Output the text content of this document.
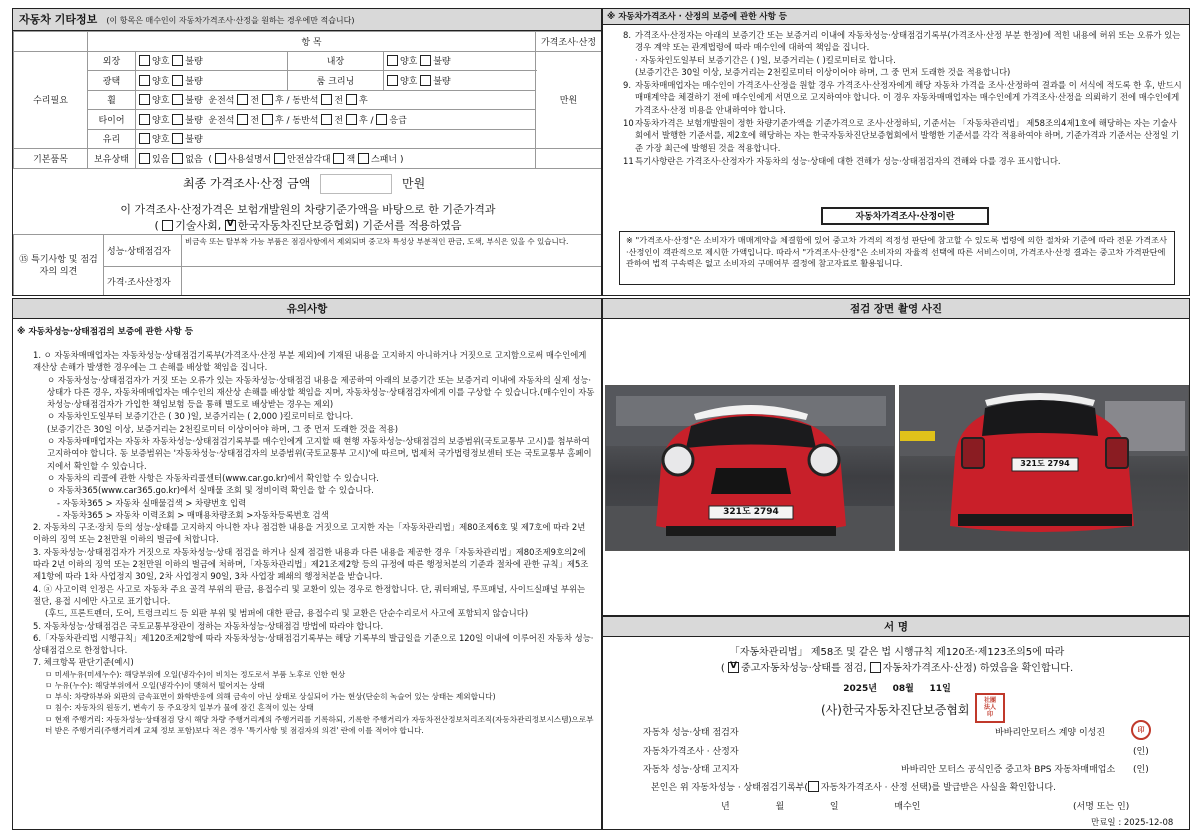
자동차 기타정보 (이 항목은 매수인이 자동차가격조사·산정을 원하는 경우에만 적습니다)
	항 목				가격조사·산정
수리필요	외장	양호 불량	내장	양호 불량	만원
	광택	양호 불량	룸 크리닝	양호 불량	
	휠	양호 불량 운전석 전 후 / 동반석 전 후			
	타이어	양호 불량 운전석 전 후 / 동반석 전 후 / 응급			
	유리	양호 불량			
기본품목	보유상태	있음 없음  ( 사용설명서 안전삼각대 잭 스패너 )			
최종 가격조사·산정 금액	만원
이 가격조사·산정가격은 보험개발원의 차량기준가액을 바탕으로 한 기준가격과
( 기술사회, V 한국자동차진단보증협회) 기준서를 적용하였음
⑮ 특기사항 및 점검자의 의견	성능·상태점검자	비금속 또는 탈부착 가능 부품은 점검사항에서 제외되며 중고차 특성상 부분적인 판금, 도색, 부식은 있을 수 있습니다.
	가격·조사산정자	
※ 자동차가격조사 · 산정의 보증에 관한 사항 등
8. 가격조사·산정자는 아래의 보증기간 또는 보증거리 이내에 자동차성능·상태점검기록부(가격조사·산정 부분 한정)에 적힌 내용에 허위 또는 오류가 있는 경우 계약 또는 관계법령에 따라 매수인에 대하여 책임을 집니다.
· 자동차인도일부터 보증기간은 ( )일, 보증거리는 ( )킬로미터로 합니다.
(보증기간은 30일 이상, 보증거리는 2천킬로미터 이상이어야 하며, 그 중 먼저 도래한 것을 적용합니다)
9. 자동차매매업자는 매수인이 가격조사·산정을 원할 경우 가격조사·산정자에게 해당 자동차 가격을 조사·산정하여 결과를 이 서식에 적도록 한 후, 반드시 매매계약을 체결하기 전에 매수인에게 서면으로 고지하여야 합니다. 이 경우 자동차매매업자는 매수인에게 가격조사·산정을 의뢰하기 전에 매수인에게 가격조사·산정 비용을 안내하여야 합니다.
10 자동차가격은 보험개발원이 정한 차량기준가액을 기준가격으로 조사·산정하되, 기준서는 「자동차관리법」 제58조의4제1호에 해당하는 자는 기술사회에서 발행한 기준서를, 제2호에 해당하는 자는 한국자동차진단보증협회에서 발행한 기준서를 각각 적용하여야 하며, 기준가격과 기준서는 산정일 기준 가장 최근에 발행된 것을 적용합니다.
11 특기사항란은 가격조사·산정자가 자동차의 성능·상태에 대한 견해가 성능·상태점검자의 견해와 다를 경우 표시합니다.
자동차가격조사·산정이란
※ "가격조사·산정"은 소비자가 매매계약을 체결함에 있어 중고차 가격의 적정성 판단에 참고할 수 있도록 법령에 의한 절차와 기준에 따라 전문 가격조사·산정인이 객관적으로 제시한 가액입니다. 따라서 "가격조사·산정"은 소비자의 자율적 선택에 따른 서비스이며, 가격조사·산정 결과는 중고차 가격판단에 관하여 법적 구속력은 없고 소비자의 구매여부 결정에 참고자료로 활용됩니다.
유의사항
※ 자동차성능·상태점검의 보증에 관한 사항 등
1. ㅇ 자동차매매업자는 자동차성능·상태점검기록부(가격조사·산정 부분 제외)에 기재된 내용을 고지하지 아니하거나 거짓으로 고지함으로써 매수인에게 재산상 손해가 발생한 경우에는 그 손해를 배상할 책임을 집니다.
ㅇ 자동차성능·상태점검자가 거짓 또는 오류가 있는 자동차성능·상태점검 내용을 제공하여 아래의 보증기간 또는 보증거리 이내에 자동차의 실제 성능·상태가 다른 경우, 자동차매매업자는 매수인의 재산상 손해를 배상할 책임을 지며, 자동차성능·상태점검자에게 이를 구상할 수 있습니다.(매수인이 자동차성능·상태점검자가 가입한 책임보험 등을 통해 별도로 배상받는 경우는 제외)
ㅇ 자동차인도일부터 보증기간은 ( 30 )일, 보증거리는 ( 2,000 )킬로미터로 합니다.
(보증기간은 30일 이상, 보증거리는 2천킬로미터 이상이어야 하며, 그 중 먼저 도래한 것을 적용)
ㅇ 자동차매매업자는 자동차 자동차성능·상태점검기록부를 매수인에게 고지할 때 현행 자동차성능·상태점검의 보증범위(국토교통부 고시)를 첨부하여 고지하여야 합니다. 동 보증범위는 '자동차성능·상태점검자의 보증범위(국토교통부 고시)'에 따르며, 법제처 국가법령정보센터 또는 국토교통부 홈페이지에서 확인할 수 있습니다.
ㅇ 자동차의 리콜에 관한 사항은 자동차리콜센터(www.car.go.kr)에서 확인할 수 있습니다.
ㅇ 자동차365(www.car365.go.kr)에서 실매물 조회 및 정비이력 확인을 할 수 있습니다.
- 자동차365 > 자동차 실매물검색 > 차량번호 입력
- 자동차365 > 자동차 이력조회 > 매매용차량조회 >자동차등록번호 검색
2. 자동차의 구조·장치 등의 성능·상태를 고지하지 아니한 자나 점검한 내용을 거짓으로 고지한 자는「자동차관리법」제80조제6호 및 제7호에 따라 2년 이하의 징역 또는 2천만원 이하의 벌금에 처합니다.
3. 자동차성능·상태점검자가 거짓으로 자동차성능·상태 점검을 하거나 실제 점검한 내용과 다른 내용을 제공한 경우「자동차관리법」제80조제9호의2에 따라 2년 이하의 징역 또는 2천만원 이하의 벌금에 처하며,「자동차관리법」제21조제2항 등의 규정에 따른 행정처분의 기준과 절차에 관한 규칙」제5조제1항에 따라 1차 사업정지 30일, 2차 사업정지 90일, 3차 사업장 폐쇄의 행정처분을 받습니다.
4. ⓐ 사고이력 인정은 사고로 자동차 주요 골격 부위의 판금, 용접수리 및 교환이 있는 경우로 한정합니다. 단, 쿼터패널, 루프패널, 사이드실패널 부위는 절단, 용접 시에만 사고로 표기합니다.
(후드, 프론트펜더, 도어, 트렁크리드 등 외판 부위 및 범퍼에 대한 판금, 용접수리 및 교환은 단순수리로서 사고에 포함되지 않습니다)
5. 자동차성능·상태점검은 국토교통부장관이 정하는 자동차성능·상태점검 방법에 따라야 합니다.
6.「자동차관리법 시행규칙」제120조제2항에 따라 자동차성능·상태점검기록부는 해당 기록부의 발급일을 기준으로 120일 이내에 이루어진 자동차 성능·상태점검으로 한정합니다.
7. 체크항목 판단기준(예시)
ㅁ 미세누유(미세누수): 해당부위에 오일(냉각수)이 비치는 정도로서 부품 노후로 인한 현상
ㅁ 누유(누수): 해당부위에서 오일(냉각수)이 맺혀서 떨어지는 상태
ㅁ 부식: 차량하부와 외판의 금속표면이 화학반응에 의해 금속이 아닌 상태로 상실되어 가는 현상(단순히 녹슬어 있는 상태는 제외합니다)
ㅁ 침수: 자동차의 원동기, 변속기 등 주요장치 일부가 물에 잠긴 흔적이 있는 상태
ㅁ 현재 주행거리: 자동차성능·상태점검 당시 해당 차량 주행거리계의 주행거리를 기록하되, 기록한 주행거리가 자동차전산정보처리조직(자동차관리정보시스템)으로부터 받은 주행거리(주행거리계 교체 정보 포함)보다 적은 경우 '특기사항 및 점검자의 의견' 란에 이를 적어야 합니다.
점검 장면 촬영 사진
321도 2794
321도 2794
서 명
「자동차관리법」 제58조 및 같은 법 시행규칙 제120조·제123조의5에 따라
( V중고자동차성능·상태를 점검, 자동차가격조사·산정) 하였음을 확인합니다.
2025년 08월 11일
(사)한국자동차진단보증협회
社團
法人
印
자동차 성능·상태 점검자	바바리안모터스 계양 이성진	印
자동차가격조사 · 산정자	(인)
자동차 성능·상태 고지자	바바리안 모터스 공식인증 중고차 BPS 자동차매매업소 (인)
본인은 위 자동차성능 · 상태점검기록부( 자동차가격조사 · 산정 선택)를 발급받은 사실을 확인합니다.
년	월	일	매수인	(서명 또는 인)
만료일 : 2025-12-08
